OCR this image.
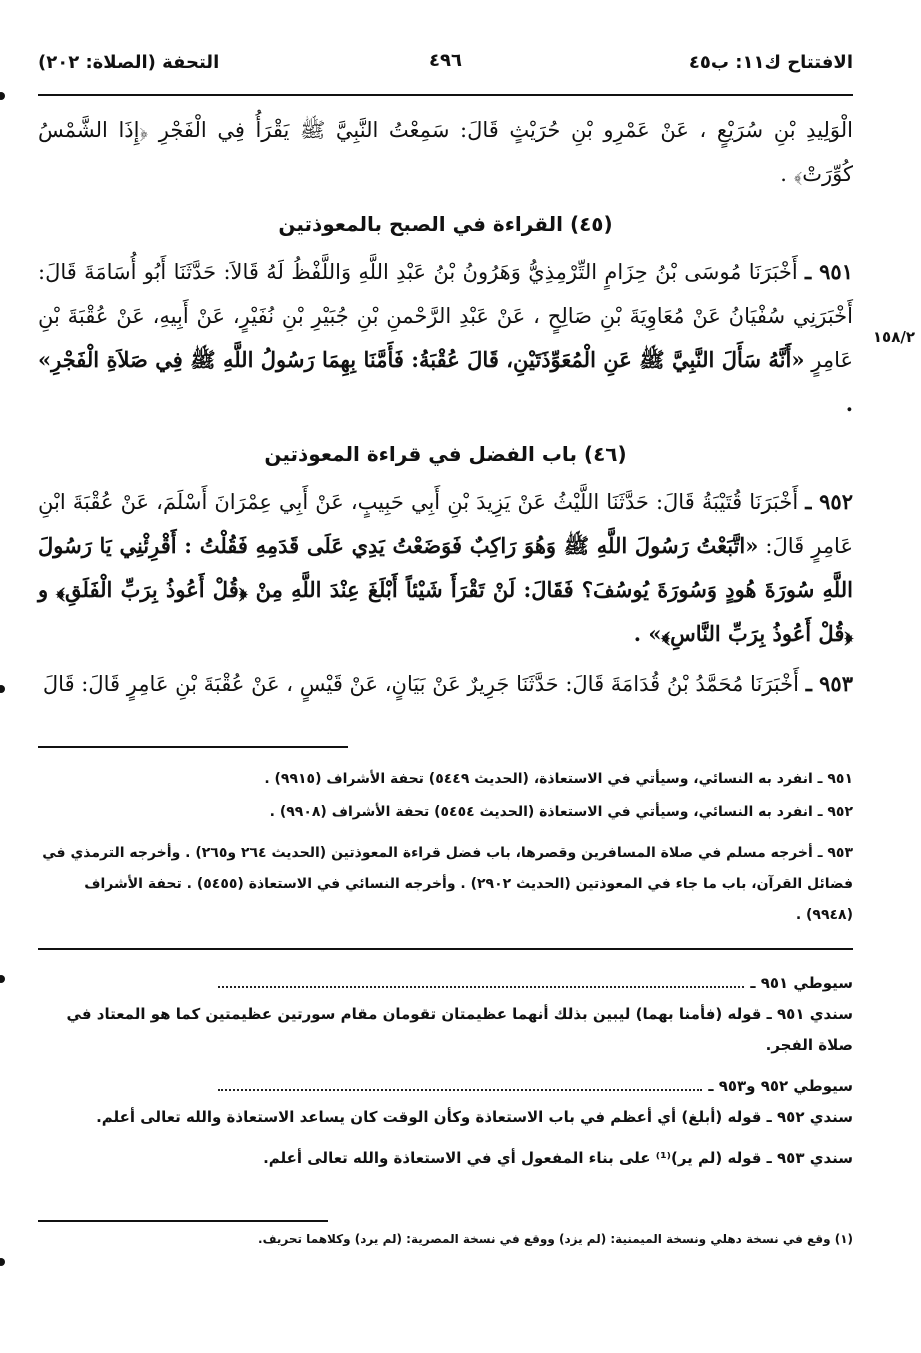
الافتتاح ك١١: ب٤٥
٤٩٦
التحفة (الصلاة: ٢٠٢)
١٥٨/٢

الْوَلِيدِ بْنِ سُرَيْعٍ ، عَنْ عَمْرِو بْنِ حُرَيْثٍ قَالَ: سَمِعْتُ النَّبِيَّ ﷺ يَقْرَأُ فِي الْفَجْرِ ﴿إِذَا الشَّمْسُ كُوِّرَتْ﴾ .

(٤٥) القراءة في الصبح بالمعوذتين

٩٥١ ـ أَخْبَرَنَا مُوسَى بْنُ حِزَامٍ التِّرْمِذِيُّ وَهَرُونُ بْنُ عَبْدِ اللَّهِ وَاللَّفْظُ لَهُ قَالاَ: حَدَّثَنَا أَبُو أُسَامَةَ قَالَ: أَخْبَرَنِي سُفْيَانُ عَنْ مُعَاوِيَةَ بْنِ صَالِحٍ ، عَنْ عَبْدِ الرَّحْمنِ بْنِ جُبَيْرِ بْنِ نُفَيْرٍ، عَنْ أَبِيهِ، عَنْ عُقْبَةَ بْنِ عَامِرٍ «أَنَّهُ سَأَلَ النَّبِيَّ ﷺ عَنِ الْمُعَوِّذَتَيْنِ، قَالَ عُقْبَةُ: فَأَمَّنَا بِهِمَا رَسُولُ اللَّهِ ﷺ فِي صَلاَةِ الْفَجْرِ» .

(٤٦) باب الفضل في قراءة المعوذتين

٩٥٢ ـ أَخْبَرَنَا قُتَيْبَةُ قَالَ: حَدَّثَنَا اللَّيْثُ عَنْ يَزِيدَ بْنِ أَبِي حَبِيبٍ، عَنْ أَبِي عِمْرَانَ أَسْلَمَ، عَنْ عُقْبَةَ ابْنِ عَامِرٍ قَالَ: «اتَّبَعْتُ رَسُولَ اللَّهِ ﷺ وَهُوَ رَاكِبٌ فَوَضَعْتُ يَدِي عَلَى قَدَمِهِ فَقُلْتُ : أَقْرِئْنِي يَا رَسُولَ اللَّهِ سُورَةَ هُودٍ وَسُورَةَ يُوسُفَ؟ فَقَالَ: لَنْ تَقْرَأَ شَيْئاً أَبْلَغَ عِنْدَ اللَّهِ مِنْ ﴿قُلْ أَعُوذُ بِرَبِّ الْفَلَقِ﴾ و ﴿قُلْ أَعُوذُ بِرَبِّ النَّاسِ﴾» .

٩٥٣ ـ أَخْبَرَنَا مُحَمَّدُ بْنُ قُدَامَةَ قَالَ: حَدَّثَنَا جَرِيرٌ عَنْ بَيَانٍ، عَنْ قَيْسٍ ، عَنْ عُقْبَةَ بْنِ عَامِرٍ قَالَ: قَالَ

٩٥١ ـ انفرد به النسائي، وسيأتي في الاستعاذة، (الحديث ٥٤٤٩) تحفة الأشراف (٩٩١٥) .

٩٥٢ ـ انفرد به النسائي، وسيأتي في الاستعاذة (الحديث ٥٤٥٤) تحفة الأشراف (٩٩٠٨) .

٩٥٣ ـ أخرجه مسلم في صلاة المسافرين وقصرها، باب فضل قراءة المعوذتين (الحديث ٢٦٤ و٢٦٥) . وأخرجه الترمذي في فضائل القرآن، باب ما جاء في المعوذتين (الحديث ٢٩٠٢) . وأخرجه النسائي في الاستعاذة (٥٤٥٥) . تحفة الأشراف (٩٩٤٨) .

سيوطي ٩٥١ ـ

سندي ٩٥١ ـ قوله (فأمنا بهما) ليبين بذلك أنهما عظيمتان تقومان مقام سورتين عظيمتين كما هو المعتاد في صلاة الفجر.

سيوطي ٩٥٢ و٩٥٣ ـ

سندي ٩٥٢ ـ قوله (أبلغ) أي أعظم في باب الاستعاذة وكأن الوقت كان يساعد الاستعاذة والله تعالى أعلم.

سندي ٩٥٣ ـ قوله (لم ير)⁽¹⁾ على بناء المفعول أي في الاستعاذة والله تعالى أعلم.

(١) وقع في نسخة دهلي ونسخة الميمنية: (لم يزد) ووقع في نسخة المصرية: (لم يرد) وكلاهما تحريف.
